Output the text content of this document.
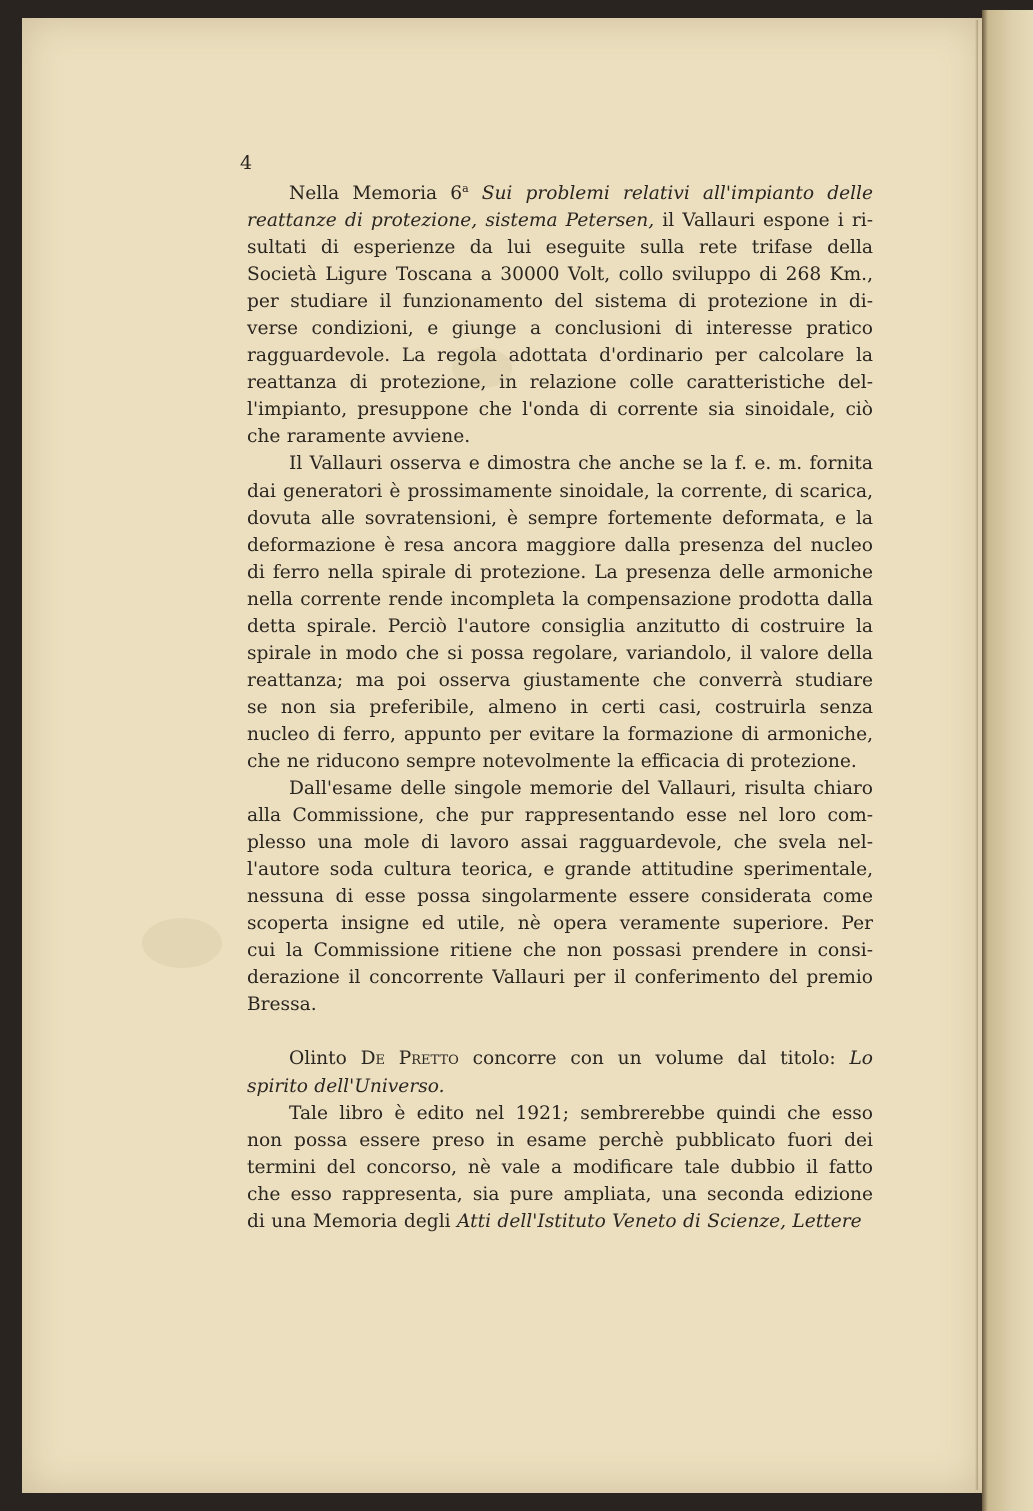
4
Nella Memoria 6$^a$ Sui problemi relativi all'impianto delle
reattanze di protezione, sistema Petersen, il Vallauri espone i ri-
sultati di esperienze da lui eseguite sulla rete trifase della
Società Ligure Toscana a 30000 Volt, collo sviluppo di 268 Km.,
per studiare il funzionamento del sistema di protezione in di-
verse condizioni, e giunge a conclusioni di interesse pratico
ragguardevole. La regola adottata d'ordinario per calcolare la
reattanza di protezione, in relazione colle caratteristiche del-
l'impianto, presuppone che l'onda di corrente sia sinoidale, ciò
che raramente avviene.
Il Vallauri osserva e dimostra che anche se la f. e. m. fornita
dai generatori è prossimamente sinoidale, la corrente, di scarica,
dovuta alle sovratensioni, è sempre fortemente deformata, e la
deformazione è resa ancora maggiore dalla presenza del nucleo
di ferro nella spirale di protezione. La presenza delle armoniche
nella corrente rende incompleta la compensazione prodotta dalla
detta spirale. Perciò l'autore consiglia anzitutto di costruire la
spirale in modo che si possa regolare, variandolo, il valore della
reattanza; ma poi osserva giustamente che converrà studiare
se non sia preferibile, almeno in certi casi, costruirla senza
nucleo di ferro, appunto per evitare la formazione di armoniche,
che ne riducono sempre notevolmente la efficacia di protezione.
Dall'esame delle singole memorie del Vallauri, risulta chiaro
alla Commissione, che pur rappresentando esse nel loro com-
plesso una mole di lavoro assai ragguardevole, che svela nel-
l'autore soda cultura teorica, e grande attitudine sperimentale,
nessuna di esse possa singolarmente essere considerata come
scoperta insigne ed utile, nè opera veramente superiore. Per
cui la Commissione ritiene che non possasi prendere in consi-
derazione il concorrente Vallauri per il conferimento del premio
Bressa.
Olinto De Pretto concorre con un volume dal titolo: Lo
spirito dell'Universo.
Tale libro è edito nel 1921; sembrerebbe quindi che esso
non possa essere preso in esame perchè pubblicato fuori dei
termini del concorso, nè vale a modificare tale dubbio il fatto
che esso rappresenta, sia pure ampliata, una seconda edizione
di una Memoria degli Atti dell'Istituto Veneto di Scienze, Lettere
